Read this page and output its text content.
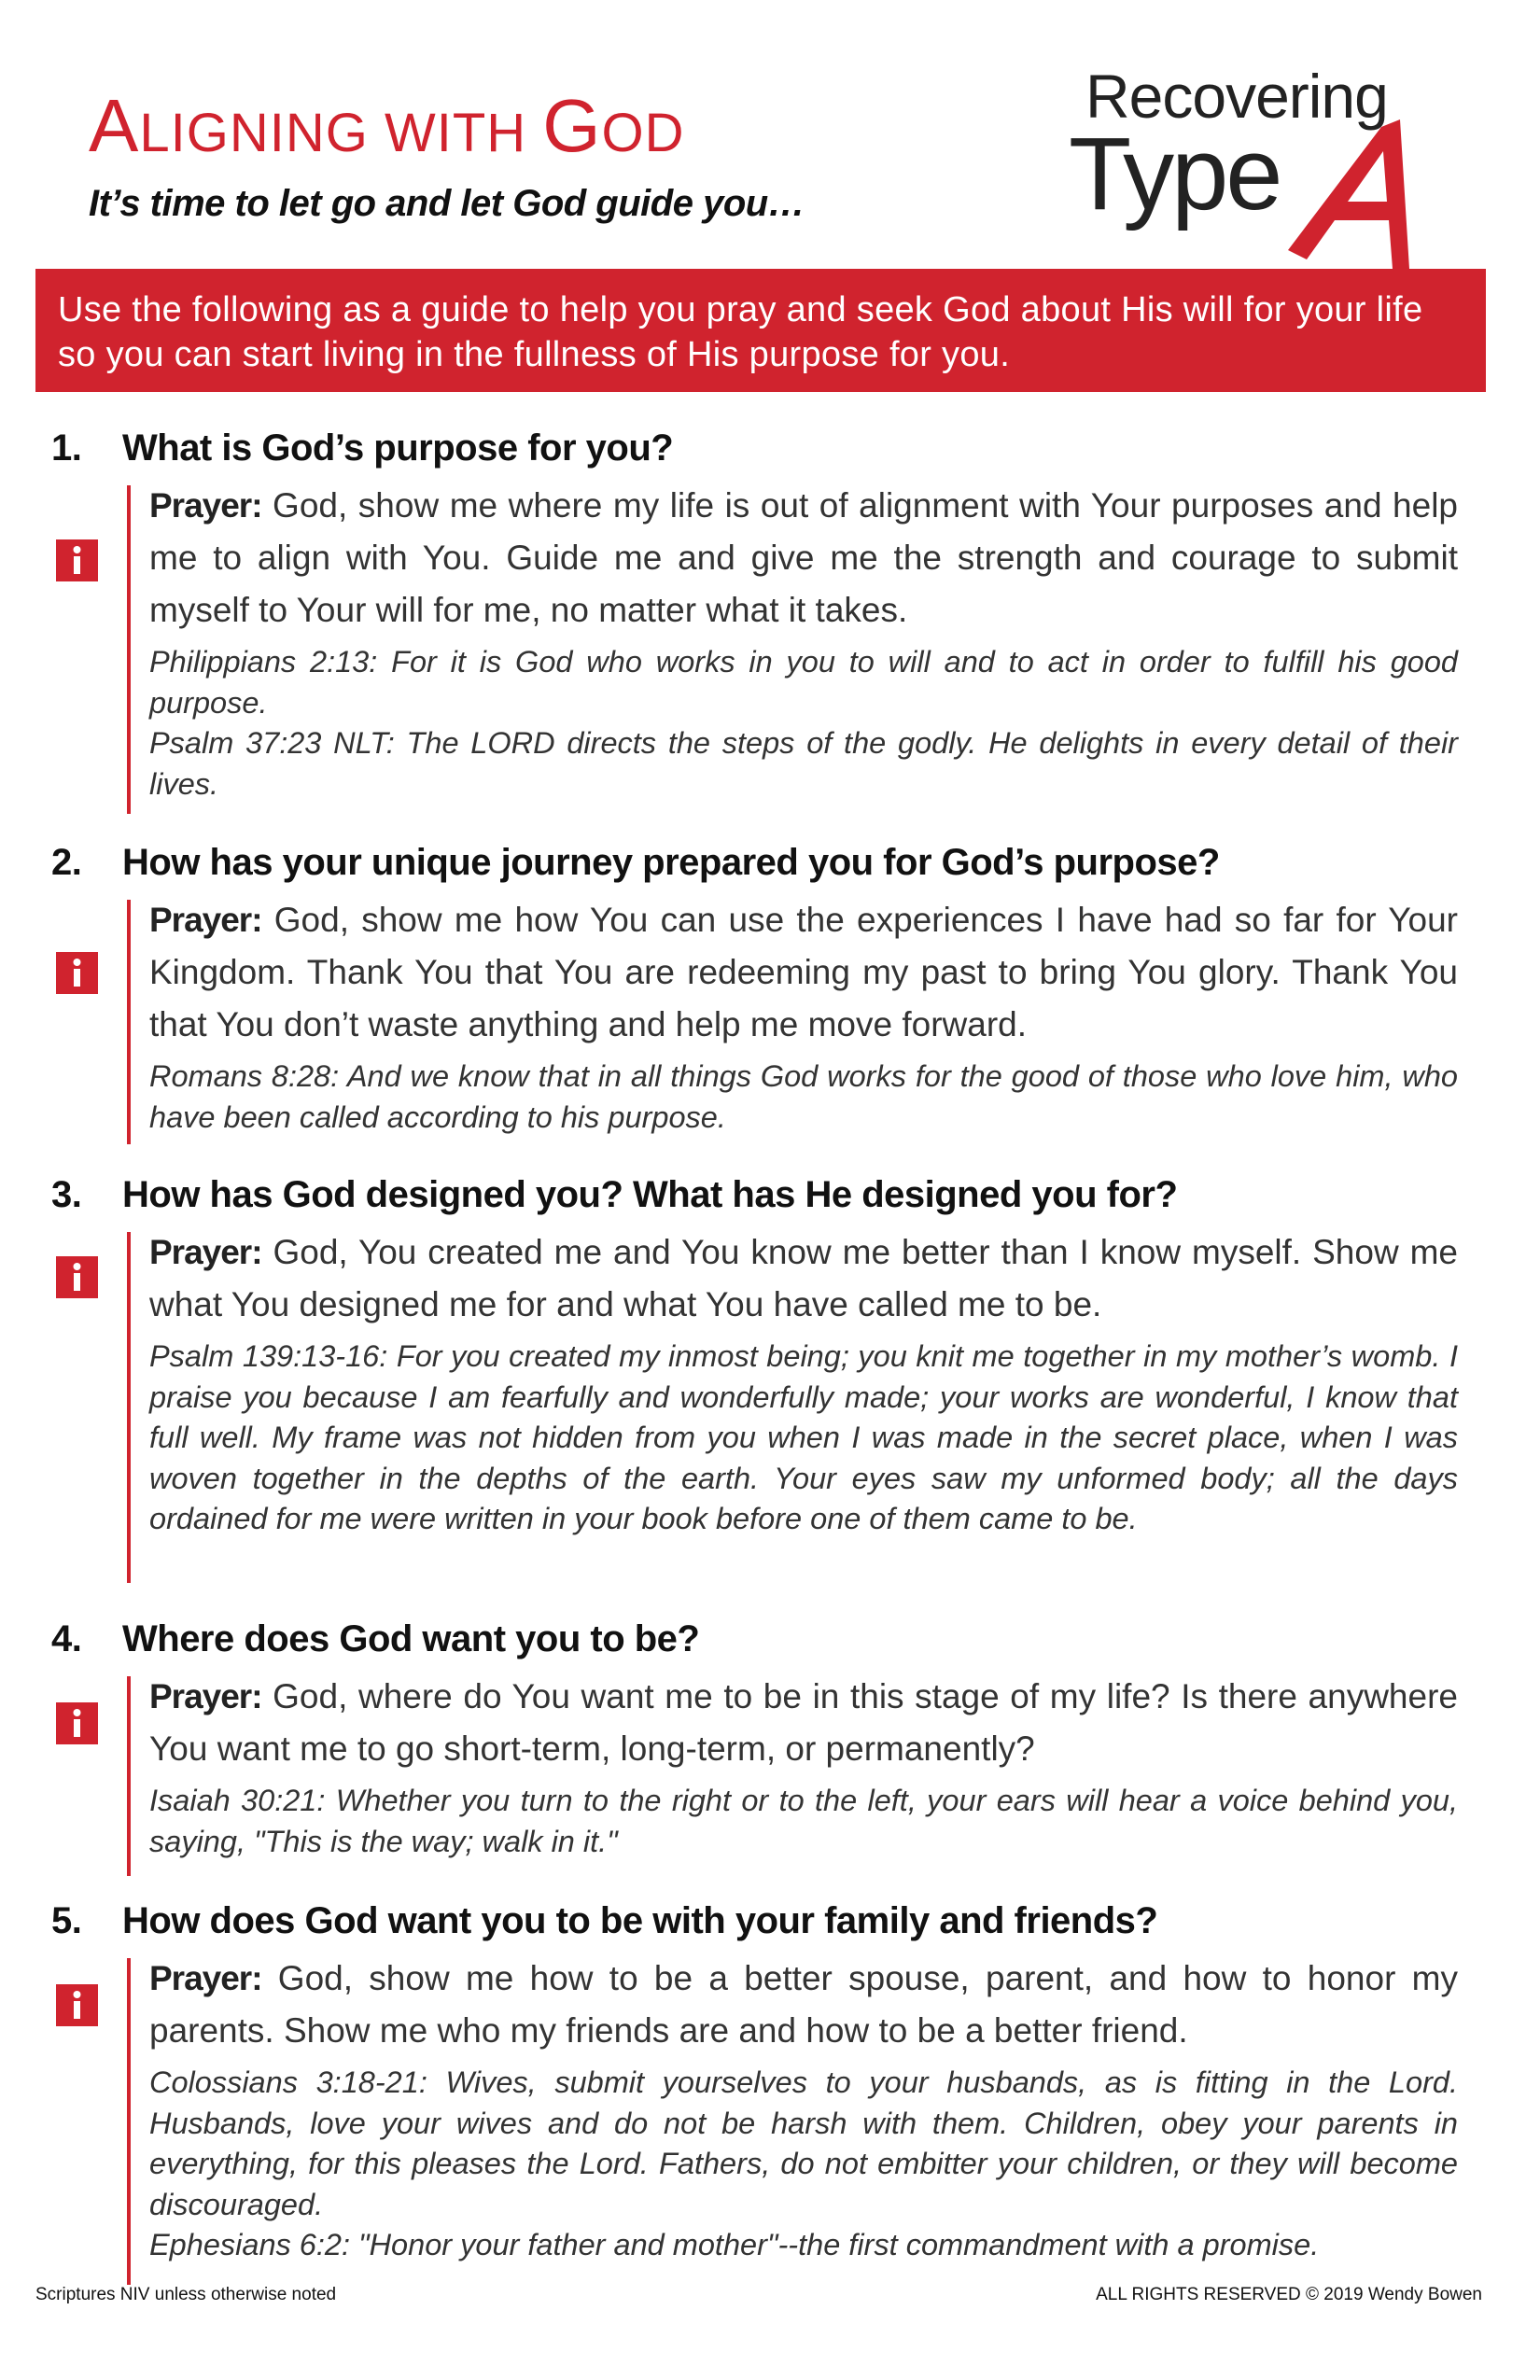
ALIGNING WITH GOD

It’s time to let go and let God guide you…

Recovering
Type

Use the following as a guide to help you pray and seek God about His will for your life so you can start living in the fullness of His purpose for you.

1. What is God’s purpose for you?

Prayer: God, show me where my life is out of alignment with Your purposes and help me to align with You. Guide me and give me the strength and courage to submit myself to Your will for me, no matter what it takes.

Philippians 2:13: For it is God who works in you to will and to act in order to fulfill his good purpose.

Psalm 37:23 NLT: The LORD directs the steps of the godly. He delights in every detail of their lives.

2. How has your unique journey prepared you for God’s purpose?

Prayer: God, show me how You can use the experiences I have had so far for Your Kingdom. Thank You that You are redeeming my past to bring You glory. Thank You that You don’t waste anything and help me move forward.

Romans 8:28: And we know that in all things God works for the good of those who love him, who have been called according to his purpose.

3. How has God designed you? What has He designed you for?

Prayer: God, You created me and You know me better than I know myself. Show me what You designed me for and what You have called me to be.

Psalm 139:13-16: For you created my inmost being; you knit me together in my mother’s womb. I praise you because I am fearfully and wonderfully made; your works are wonderful, I know that full well. My frame was not hidden from you when I was made in the secret place, when I was woven together in the depths of the earth. Your eyes saw my unformed body; all the days ordained for me were written in your book before one of them came to be.

4. Where does God want you to be?

Prayer: God, where do You want me to be in this stage of my life? Is there anywhere You want me to go short-term, long-term, or permanently?

Isaiah 30:21: Whether you turn to the right or to the left, your ears will hear a voice behind you, saying, "This is the way; walk in it."

5. How does God want you to be with your family and friends?

Prayer: God, show me how to be a better spouse, parent, and how to honor my parents. Show me who my friends are and how to be a better friend.

Colossians 3:18-21: Wives, submit yourselves to your husbands, as is fitting in the Lord. Husbands, love your wives and do not be harsh with them. Children, obey your parents in everything, for this pleases the Lord. Fathers, do not embitter your children, or they will become discouraged.

Ephesians 6:2: "Honor your father and mother"--the first commandment with a promise.

Scriptures NIV unless otherwise noted	ALL RIGHTS RESERVED © 2019 Wendy Bowen
